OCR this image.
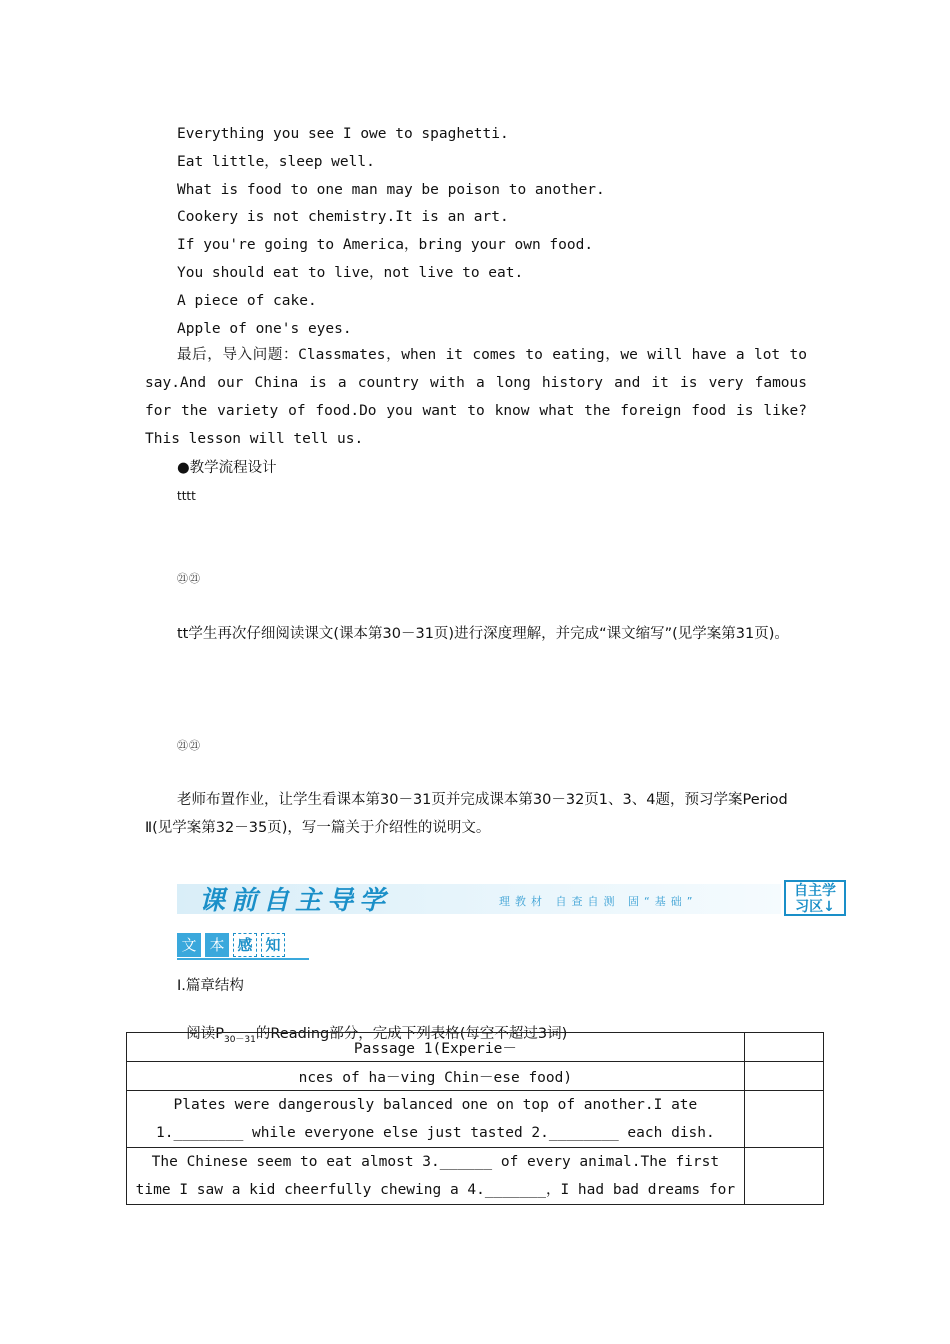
Everything you see I owe to spaghetti.
Eat little，sleep well.
What is food to one man may be poison to another.
Cookery is not chemistry.It is an art.
If you're going to America，bring your own food.
You should eat to live，not live to eat.
A piece of cake.
Apple of one's eyes.
最后，导入问题：Classmates，when it comes to eating，we will have a lot to say.And our China is a country with a long history and it is very famous for the variety of food.Do you want to know what the foreign food is like? This lesson will tell us.
●教学流程设计
tttt
㉑㉑
tt学生再次仔细阅读课文(课本第30－31页)进行深度理解，并完成“课文缩写”(见学案第31页)。
㉑㉑
老师布置作业，让学生看课本第30－31页并完成课本第30－32页1、3、4题，预习学案Period Ⅱ(见学案第32－35页)，写一篇关于介绍性的说明文。
课前自主导学	理教材 自查自测 固“基础”
自主学
习区↓
文 本 感 知
Ⅰ.篇章结构

阅读$P_{30-31}$的Reading部分，完成下列表格(每空不超过3词)

Passage 1(Experie－	
nces of ha－ving Chin－ese food)	
Plates were dangerously balanced one on top of another.I ate 1.________ while everyone else just tasted 2.________ each dish.	
The Chinese seem to eat almost 3.______ of every animal.The first time I saw a kid cheerfully chewing a 4._______，I had bad dreams for	
